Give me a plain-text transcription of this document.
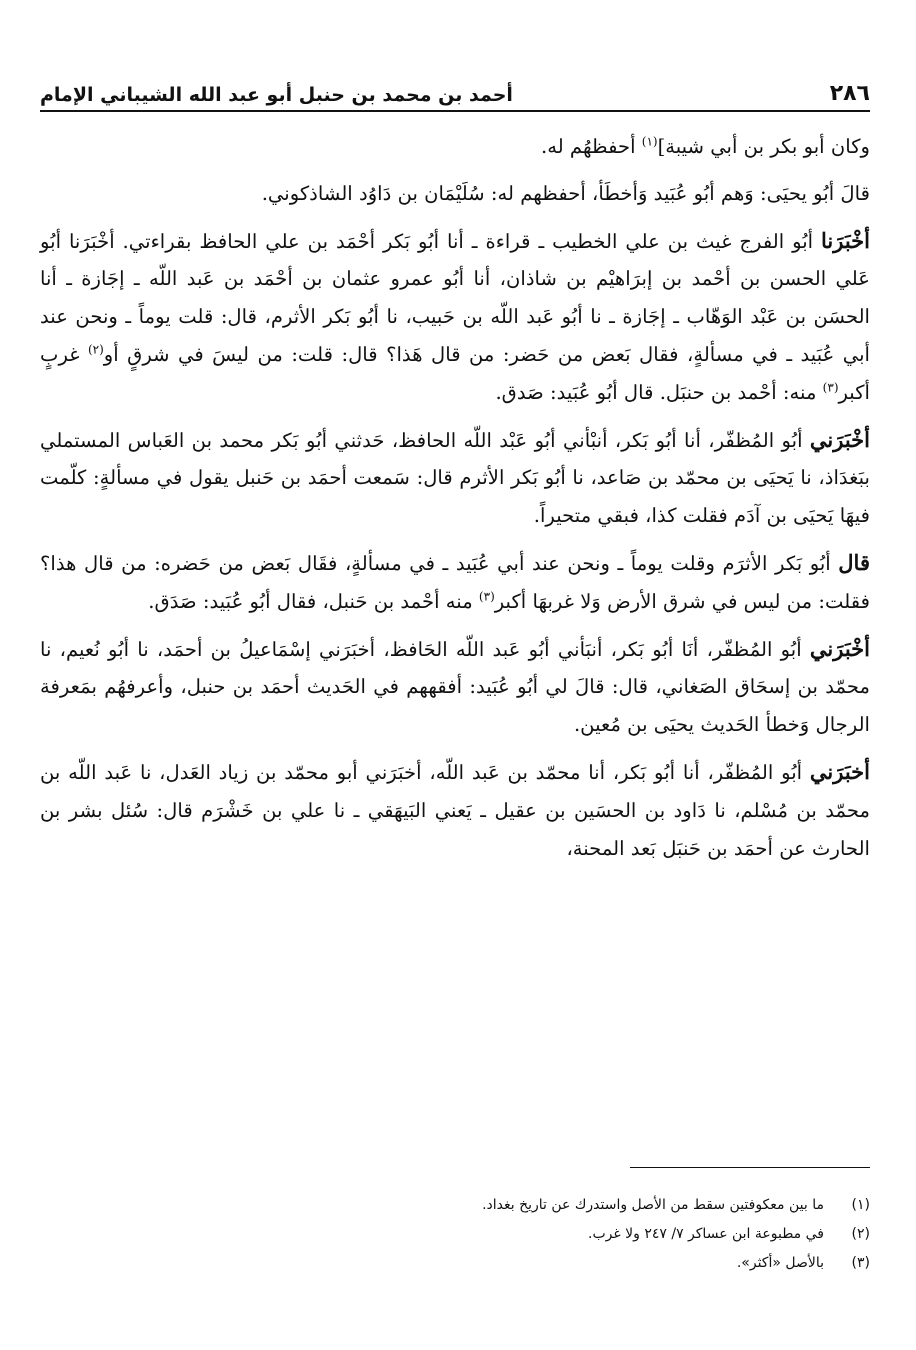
٢٨٦
أحمد بن محمد بن حنبل أبو عبد الله الشيباني الإمام

وكان أبو بكر بن أبي شيبة]$^{(١)}$ أحفظهُم له.

قالَ أبُو يحيَى: وَهم أبُو عُبَيد وَأخطَأ، أحفظهم له: سُلَيْمَان بن دَاوُد الشاذكوني.

أخْبَرَنا أبُو الفرج غيث بن علي الخطيب ـ قراءة ـ أنا أبُو بَكر أحْمَد بن علي الحافظ بقراءتي. أخْبَرَنا أبُو عَلي الحسن بن أحْمد بن إبرَاهيْم بن شاذان، أنا أبُو عمرو عثمان بن أحْمَد بن عَبد اللّه ـ إجَازة ـ أنا الحسَن بن عَبْد الوَهّاب ـ إجَازة ـ نا أبُو عَبد اللّه بن حَبيب، نا أبُو بَكر الأثرم، قال: قلت يوماً ـ ونحن عند أبي عُبَيد ـ في مسألةٍ، فقال بَعض من حَضر: من قال هَذا؟ قال: قلت: من ليسَ في شرقٍ أو$^{(٢)}$ غربٍ أكبر$^{(٣)}$ منه: أحْمد بن حنبَل. قال أبُو عُبَيد: صَدق.

أخْبَرَني أبُو المُظفّر، أنا أبُو بَكر، أنبْأني أبُو عَبْد اللّه الحافظ، حَدثني أبُو بَكر محمد بن العَباس المستملي ببَغدَاذ، نا يَحيَى بن محمّد بن صَاعد، نا أبُو بَكر الأثرم قال: سَمعت أحمَد بن حَنبل يقول في مسألةٍ: كلّمت فيهَا يَحيَى بن آدَم فقلت كذا، فبقي متحيراً.

قال أبُو بَكر الأثرَم وقلت يوماً ـ ونحن عند أبي عُبَيد ـ في مسألةٍ، فقَال بَعض من حَضره: من قال هذا؟ فقلت: من ليس في شرق الأرض وَلا غربهَا أكبر$^{(٣)}$ منه أحْمد بن حَنبل، فقال أبُو عُبَيد: صَدَق.

أخْبَرَني أبُو المُظفّر، أنَا أبُو بَكر، أنبَأني أبُو عَبد اللّه الحَافظ، أخبَرَني إسْمَاعيلُ بن أحمَد، نا أبُو نُعيم، نا محمّد بن إسحَاق الصَغاني، قال: قالَ لي أبُو عُبَيد: أفقههم في الحَديث أحمَد بن حنبل، وأعرفهُم بمَعرفة الرجال وَخطأ الحَديث يحيَى بن مُعين.

أخبَرَني أبُو المُظفّر، أنا أبُو بَكر، أنا محمّد بن عَبد اللّه، أخبَرَني أبو محمّد بن زياد العَدل، نا عَبد اللّه بن محمّد بن مُسْلم، نا دَاود بن الحسَين بن عقيل ـ يَعني البَيهَقي ـ نا علي بن خَشْرَم قال: سُئل بشر بن الحارث عن أحمَد بن حَنبَل بَعد المحنة،

(١)
ما بين معكوفتين سقط من الأصل واستدرك عن تاريخ بغداد.
(٢)
في مطبوعة ابن عساكر ٧/ ٢٤٧ ولا غرب.
(٣)
بالأصل «أكثر».
